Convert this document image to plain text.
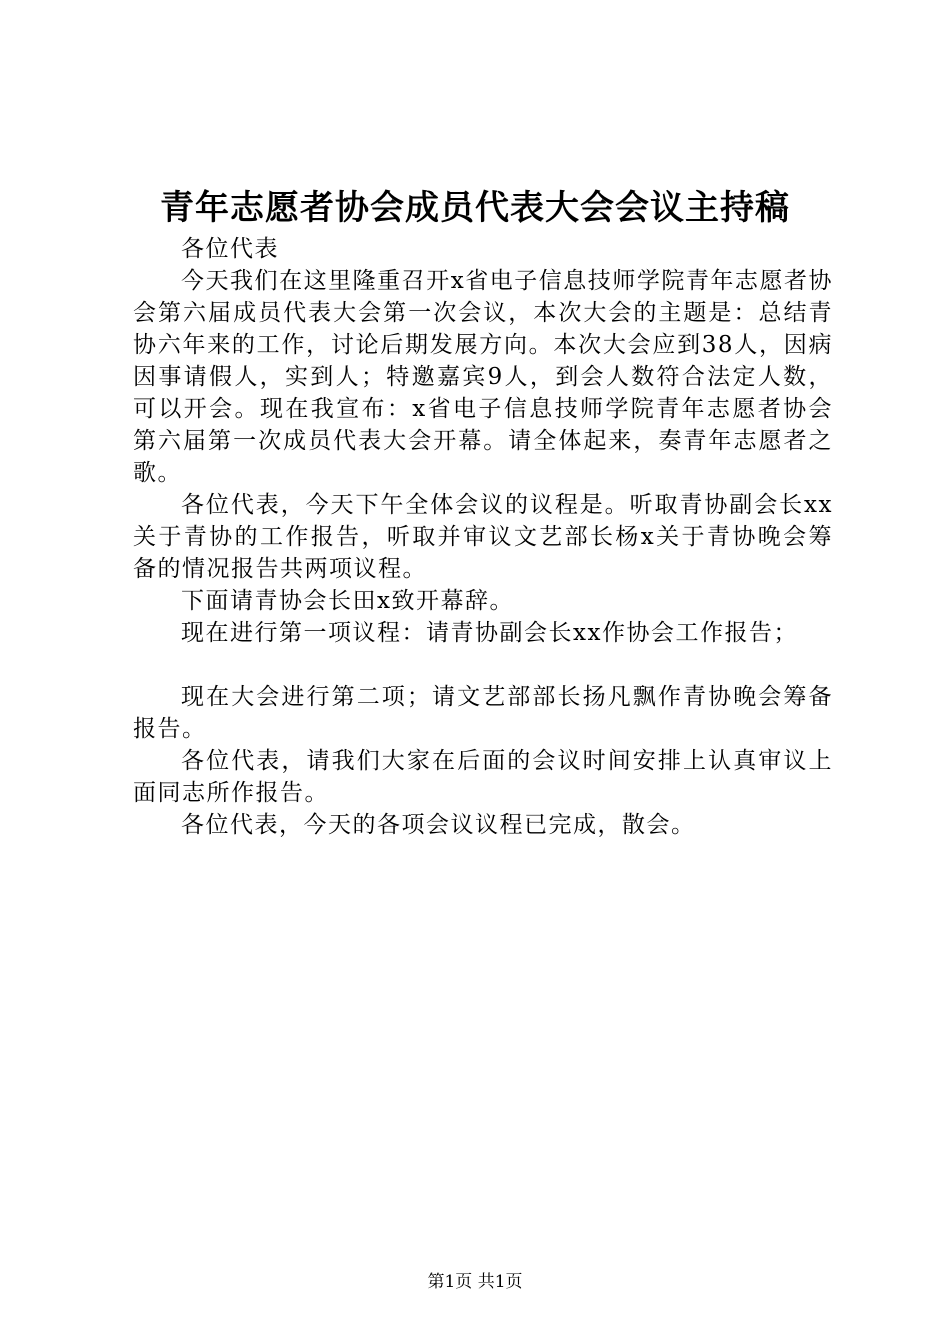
青年志愿者协会成员代表大会会议主持稿

各位代表

今天我们在这里隆重召开x省电子信息技师学院青年志愿者协会第六届成员代表大会第一次会议，本次大会的主题是：总结青协六年来的工作，讨论后期发展方向。本次大会应到38人，因病因事请假人，实到人；特邀嘉宾9人，到会人数符合法定人数，可以开会。现在我宣布：x省电子信息技师学院青年志愿者协会第六届第一次成员代表大会开幕。请全体起来，奏青年志愿者之歌。

各位代表，今天下午全体会议的议程是。听取青协副会长xx关于青协的工作报告，听取并审议文艺部长杨x关于青协晚会筹备的情况报告共两项议程。

下面请青协会长田x致开幕辞。

现在进行第一项议程：请青协副会长xx作协会工作报告；

现在大会进行第二项；请文艺部部长扬凡飘作青协晚会筹备报告。

各位代表，请我们大家在后面的会议时间安排上认真审议上面同志所作报告。

各位代表，今天的各项会议议程已完成，散会。

第1页 共1页
